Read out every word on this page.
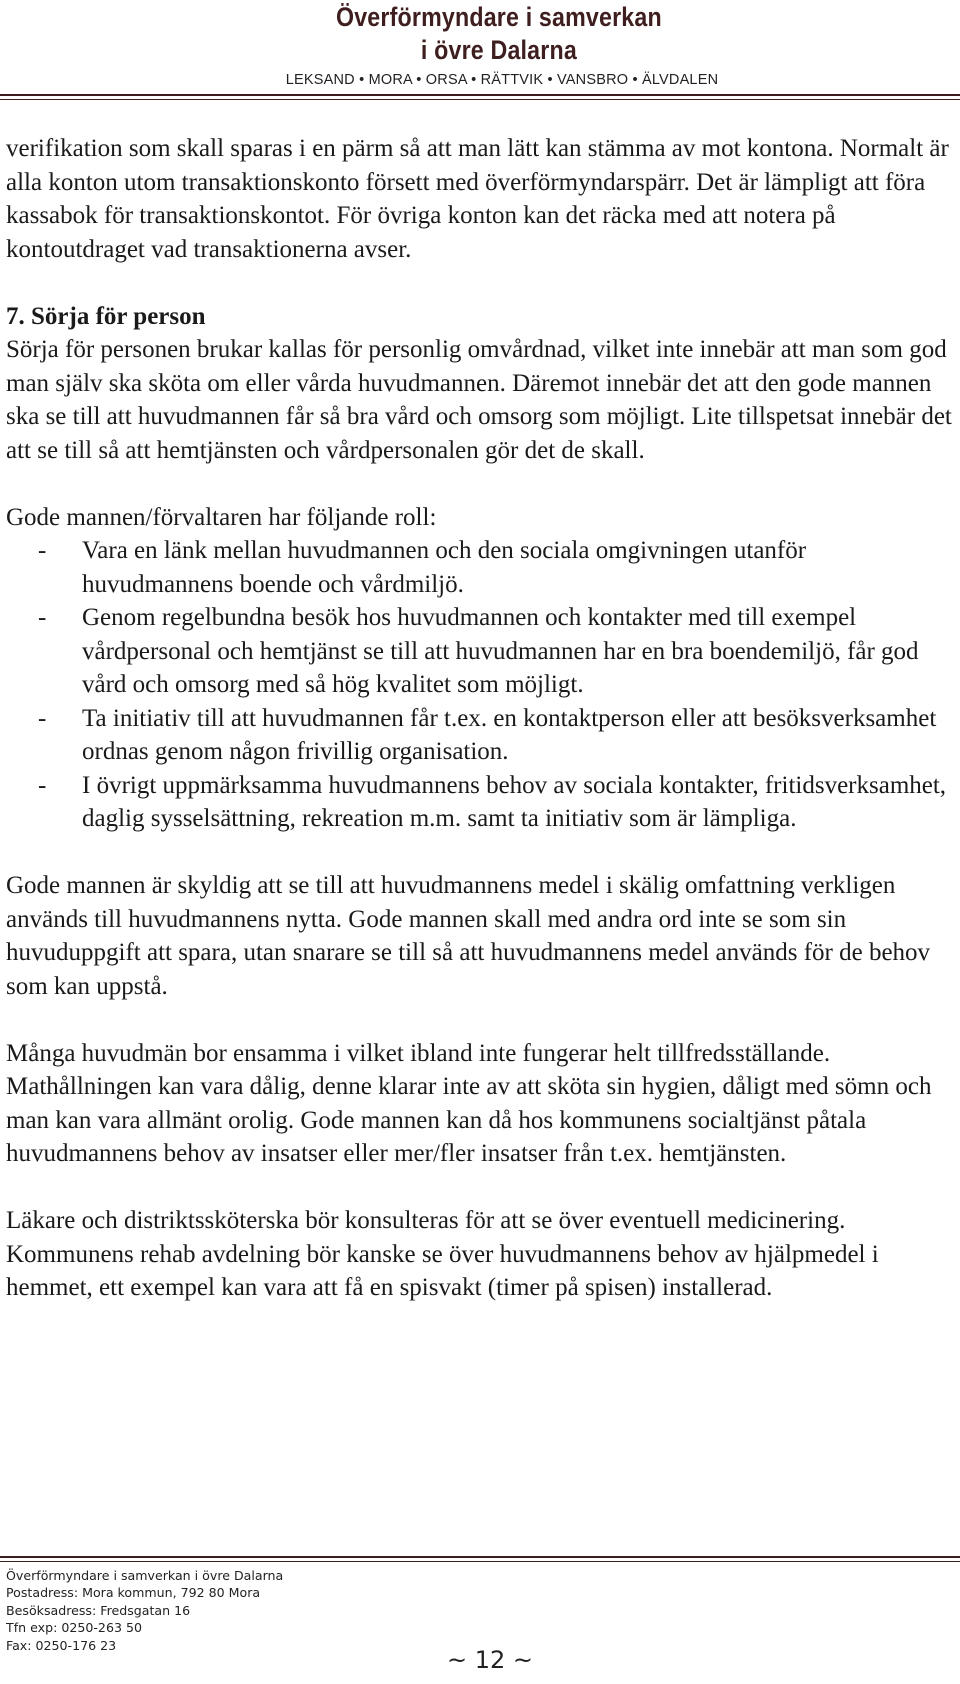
Överförmyndare i samverkan
i övre Dalarna
LEKSAND • MORA • ORSA • RÄTTVIK • VANSBRO • ÄLVDALEN

verifikation som skall sparas i en pärm så att man lätt kan stämma av mot kontona. Normalt är alla konton utom transaktionskonto försett med överförmyndarspärr. Det är lämpligt att föra kassabok för transaktionskontot. För övriga konton kan det räcka med att notera på kontoutdraget vad transaktionerna avser.

7. Sörja för person

Sörja för personen brukar kallas för personlig omvårdnad, vilket inte innebär att man som god man själv ska sköta om eller vårda huvudmannen. Däremot innebär det att den gode mannen ska se till att huvudmannen får så bra vård och omsorg som möjligt. Lite tillspetsat innebär det att se till så att hemtjänsten och vårdpersonalen gör det de skall.

Gode mannen/förvaltaren har följande roll:

- Vara en länk mellan huvudmannen och den sociala omgivningen utanför huvudmannens boende och vårdmiljö.
- Genom regelbundna besök hos huvudmannen och kontakter med till exempel vårdpersonal och hemtjänst se till att huvudmannen har en bra boendemiljö, får god vård och omsorg med så hög kvalitet som möjligt.
- Ta initiativ till att huvudmannen får t.ex. en kontaktperson eller att besöksverksamhet ordnas genom någon frivillig organisation.
- I övrigt uppmärksamma huvudmannens behov av sociala kontakter, fritidsverksamhet, daglig sysselsättning, rekreation m.m. samt ta initiativ som är lämpliga.

Gode mannen är skyldig att se till att huvudmannens medel i skälig omfattning verkligen används till huvudmannens nytta. Gode mannen skall med andra ord inte se som sin huvuduppgift att spara, utan snarare se till så att huvudmannens medel används för de behov som kan uppstå.

Många huvudmän bor ensamma i vilket ibland inte fungerar helt tillfredsställande. Mathållningen kan vara dålig, denne klarar inte av att sköta sin hygien, dåligt med sömn och man kan vara allmänt orolig. Gode mannen kan då hos kommunens socialtjänst påtala huvudmannens behov av insatser eller mer/fler insatser från t.ex. hemtjänsten.

Läkare och distriktssköterska bör konsulteras för att se över eventuell medicinering. Kommunens rehab avdelning bör kanske se över huvudmannens behov av hjälpmedel i hemmet, ett exempel kan vara att få en spisvakt (timer på spisen) installerad.

Överförmyndare i samverkan i övre Dalarna
Postadress: Mora kommun, 792 80 Mora
Besöksadress: Fredsgatan 16
Tfn exp: 0250-263 50
Fax: 0250-176 23
~ 12 ~
